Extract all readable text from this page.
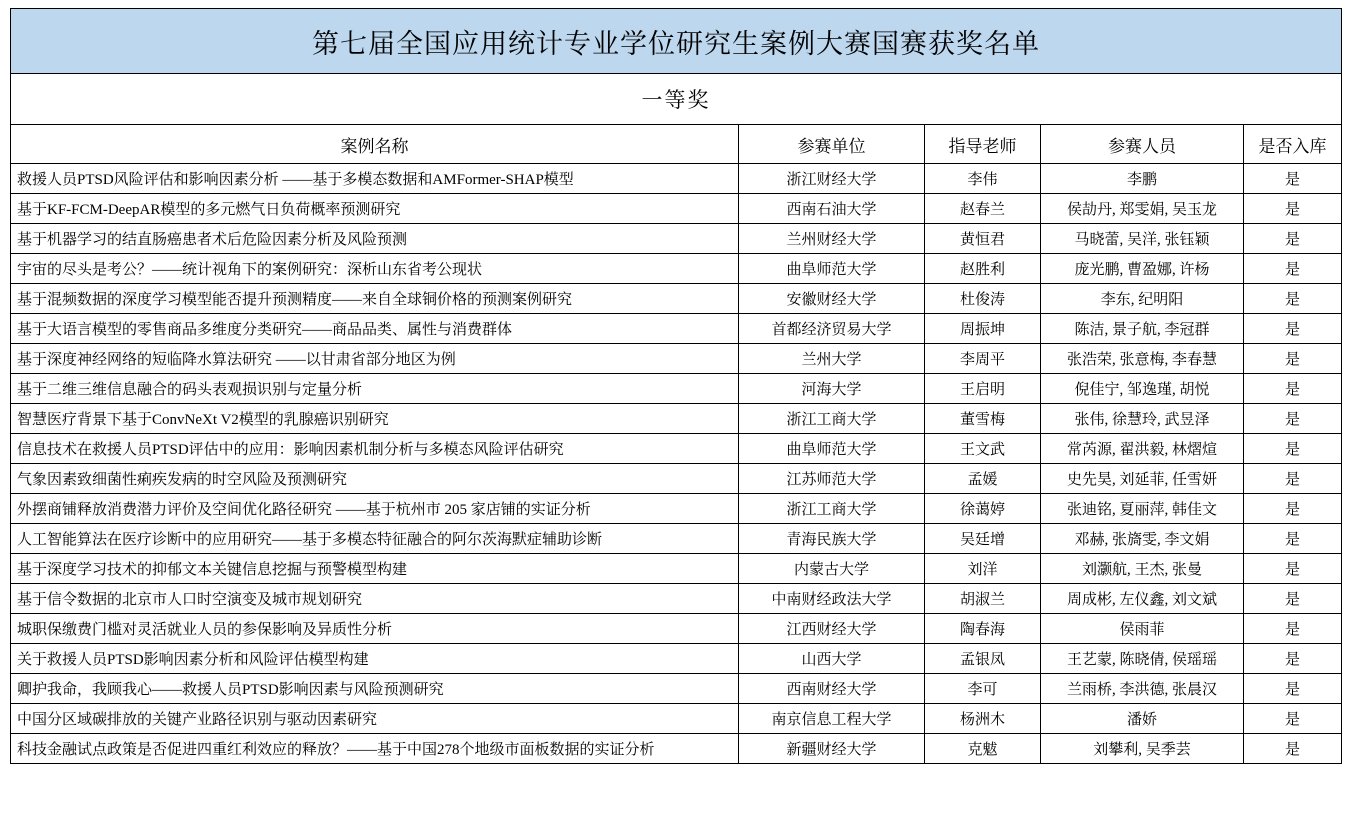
第七届全国应用统计专业学位研究生案例大赛国赛获奖名单				
一等奖				
案例名称	参赛单位	指导老师	参赛人员	是否入库
救援人员PTSD风险评估和影响因素分析 ——基于多模态数据和AMFormer-SHAP模型	浙江财经大学	李伟	李鹏	是
基于KF-FCM-DeepAR模型的多元燃气日负荷概率预测研究	西南石油大学	赵春兰	侯劼丹, 郑雯娟, 吴玉龙	是
基于机器学习的结直肠癌患者术后危险因素分析及风险预测	兰州财经大学	黄恒君	马晓蕾, 吴洋, 张钰颖	是
宇宙的尽头是考公？——统计视角下的案例研究：深析山东省考公现状	曲阜师范大学	赵胜利	庞光鹏, 曹盈娜, 许杨	是
基于混频数据的深度学习模型能否提升预测精度——来自全球铜价格的预测案例研究	安徽财经大学	杜俊涛	李东, 纪明阳	是
基于大语言模型的零售商品多维度分类研究——商品品类、属性与消费群体	首都经济贸易大学	周振坤	陈洁, 景子航, 李冠群	是
基于深度神经网络的短临降水算法研究 ——以甘肃省部分地区为例	兰州大学	李周平	张浩荣, 张意梅, 李春慧	是
基于二维三维信息融合的码头表观损识别与定量分析	河海大学	王启明	倪佳宁, 邹逸瑾, 胡悦	是
智慧医疗背景下基于ConvNeXt V2模型的乳腺癌识别研究	浙江工商大学	董雪梅	张伟, 徐慧玲, 武昱泽	是
信息技术在救援人员PTSD评估中的应用：影响因素机制分析与多模态风险评估研究	曲阜师范大学	王文武	常芮源, 翟洪毅, 林熠煊	是
气象因素致细菌性痢疾发病的时空风险及预测研究	江苏师范大学	孟媛	史先昊, 刘延菲, 任雪妍	是
外摆商铺释放消费潜力评价及空间优化路径研究 ——基于杭州市 205 家店铺的实证分析	浙江工商大学	徐蔼婷	张迪铭, 夏丽萍, 韩佳文	是
人工智能算法在医疗诊断中的应用研究——基于多模态特征融合的阿尔茨海默症辅助诊断	青海民族大学	吴廷增	邓赫, 张旖雯, 李文娟	是
基于深度学习技术的抑郁文本关键信息挖掘与预警模型构建	内蒙古大学	刘洋	刘灏航, 王杰, 张曼	是
基于信令数据的北京市人口时空演变及城市规划研究	中南财经政法大学	胡淑兰	周成彬, 左仪鑫, 刘文斌	是
城职保缴费门槛对灵活就业人员的参保影响及异质性分析	江西财经大学	陶春海	侯雨菲	是
关于救援人员PTSD影响因素分析和风险评估模型构建	山西大学	孟银凤	王艺蒙, 陈晓倩, 侯瑶瑶	是
卿护我命，我顾我心——救援人员PTSD影响因素与风险预测研究	西南财经大学	李可	兰雨桥, 李洪德, 张晨汉	是
中国分区域碳排放的关键产业路径识别与驱动因素研究	南京信息工程大学	杨洲木	潘娇	是
科技金融试点政策是否促进四重红利效应的释放？——基于中国278个地级市面板数据的实证分析	新疆财经大学	克魃	刘攀利, 吴季芸	是
